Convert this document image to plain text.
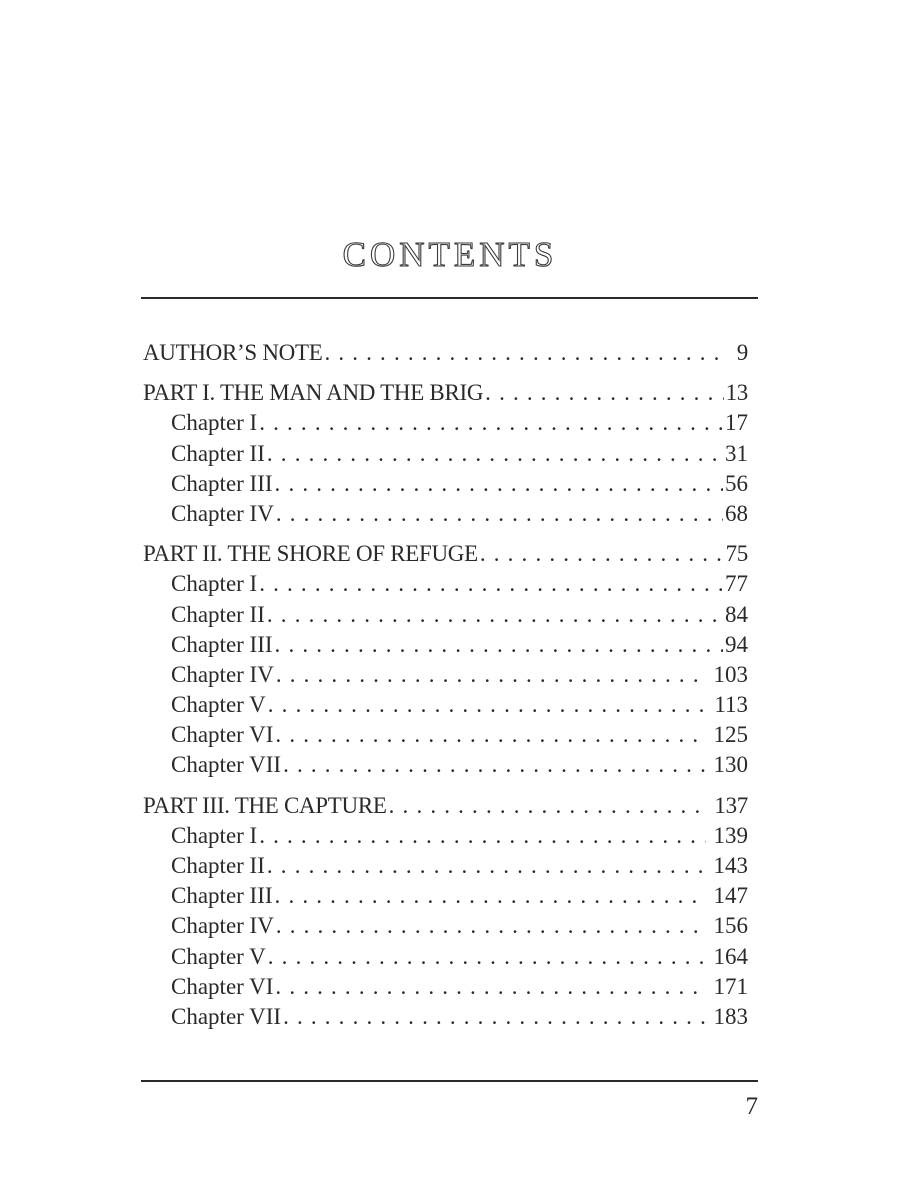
CONTENTS
AUTHOR’S NOTE . . .	9
PART I. THE MAN AND THE BRIG . . .	13
Chapter I . . .	17
Chapter II . . .	31
Chapter III . . .	56
Chapter IV . . .	68
PART II. THE SHORE OF REFUGE . . .	75
Chapter I . . .	77
Chapter II . . .	84
Chapter III . . .	94
Chapter IV . . .	103
Chapter V . . .	113
Chapter VI . . .	125
Chapter VII . . .	130
PART III. THE CAPTURE . . .	137
Chapter I . . .	139
Chapter II . . .	143
Chapter III . . .	147
Chapter IV . . .	156
Chapter V . . .	164
Chapter VI . . .	171
Chapter VII . . .	183
7
